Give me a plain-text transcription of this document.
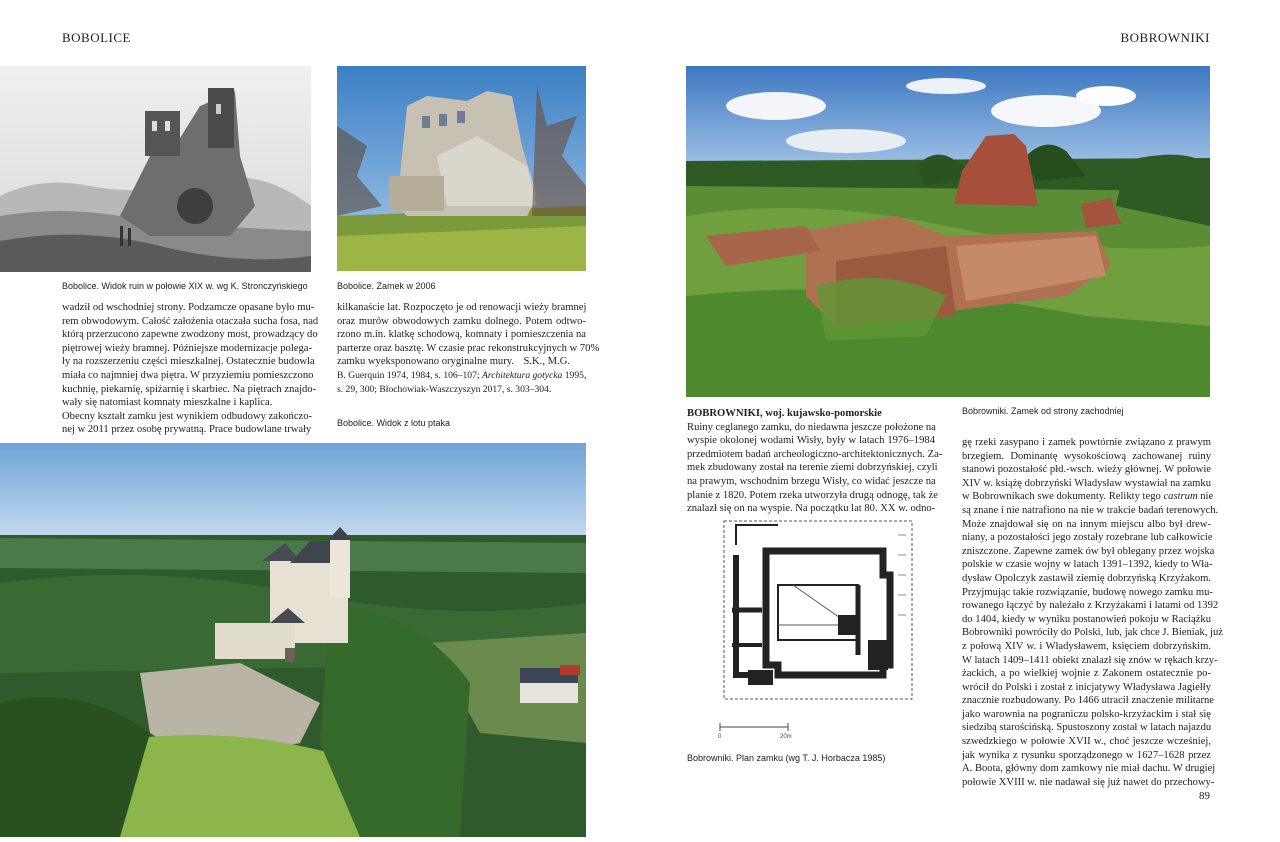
BOBOLICE	BOBROWNIKI
Bobolice. Widok ruin w połowie XIX w. wg K. Stronczyńskiego	Bobolice. Zamek w 2006
wadził od wschodniej strony. Podzamcze opasane było mu-
rem obwodowym. Całość założenia otaczała sucha fosa, nad
którą przerzucono zapewne zwodzony most, prowadzący do
piętrowej wieży bramnej. Późniejsze modernizacje polega-
ły na rozszerzeniu części mieszkalnej. Ostatecznie budowla
miała co najmniej dwa piętra. W przyziemiu pomieszczono
kuchnię, piekarnię, spiżarnię i skarbiec. Na piętrach znajdo-
wały się natomiast komnaty mieszkalne i kaplica.
Obecny kształt zamku jest wynikiem odbudowy zakończo-
nej w 2011 przez osobę prywatną. Prace budowlane trwały
kilkanaście lat. Rozpoczęto je od renowacji wieży bramnej
oraz murów obwodowych zamku dolnego. Potem odtwo-
rzono m.in. klatkę schodową, komnaty i pomieszczenia na
parterze oraz basztę. W czasie prac rekonstrukcyjnych w 70%
zamku wyeksponowano oryginalne mury. S.K., M.G.
B. Guerquin 1974, 1984, s. 106–107; Architektura gotycka 1995,
s. 29, 300; Błochowiak-Waszczyszyn 2017, s. 303–304.
Bobolice. Widok z lotu ptaka
Bobrowniki. Zamek od strony zachodniej
BOBROWNIKI, woj. kujawsko-pomorskie
Ruiny ceglanego zamku, do niedawna jeszcze położone na
wyspie okolonej wodami Wisły, były w latach 1976–1984
przedmiotem badań archeologiczno-architektonicznych. Za-
mek zbudowany został na terenie ziemi dobrzyńskiej, czyli
na prawym, wschodnim brzegu Wisły, co widać jeszcze na
planie z 1820. Potem rzeka utworzyła drugą odnogę, tak że
znalazł się on na wyspie. Na początku lat 80. XX w. odno-
0	20m
Bobrowniki. Plan zamku (wg T. J. Horbacza 1985)
gę rzeki zasypano i zamek powtórnie związano z prawym
brzegiem. Dominantę wysokościową zachowanej ruiny
stanowi pozostałość płd.-wsch. wieży głównej. W połowie
XIV w. książę dobrzyński Władysław wystawiał na zamku
w Bobrownikach swe dokumenty. Relikty tego castrum nie
są znane i nie natrafiono na nie w trakcie badań terenowych.
Może znajdował się on na innym miejscu albo był drew-
niany, a pozostałości jego zostały rozebrane lub całkowicie
zniszczone. Zapewne zamek ów był oblegany przez wojska
polskie w czasie wojny w latach 1391–1392, kiedy to Wła-
dysław Opolczyk zastawił ziemię dobrzyńską Krzyżakom.
Przyjmując takie rozwiązanie, budowę nowego zamku mu-
rowanego łączyć by należało z Krzyżakami i latami od 1392
do 1404, kiedy w wyniku postanowień pokoju w Raciążku
Bobrowniki powróciły do Polski, lub, jak chce J. Bieniak, już
z połową XIV w. i Władysławem, księciem dobrzyńskim.
W latach 1409–1411 obiekt znalazł się znów w rękach krzy-
żackich, a po wielkiej wojnie z Zakonem ostatecznie po-
wrócił do Polski i został z inicjatywy Władysława Jagiełły
znacznie rozbudowany. Po 1466 utracił znaczenie militarne
jako warownia na pograniczu polsko-krzyżackim i stał się
siedzibą starościńską. Spustoszony został w latach najazdu
szwedzkiego w połowie XVII w., choć jeszcze wcześniej,
jak wynika z rysunku sporządzonego w 1627–1628 przez
A. Boota, główny dom zamkowy nie miał dachu. W drugiej
połowie XVIII w. nie nadawał się już nawet do przechowy-
89
